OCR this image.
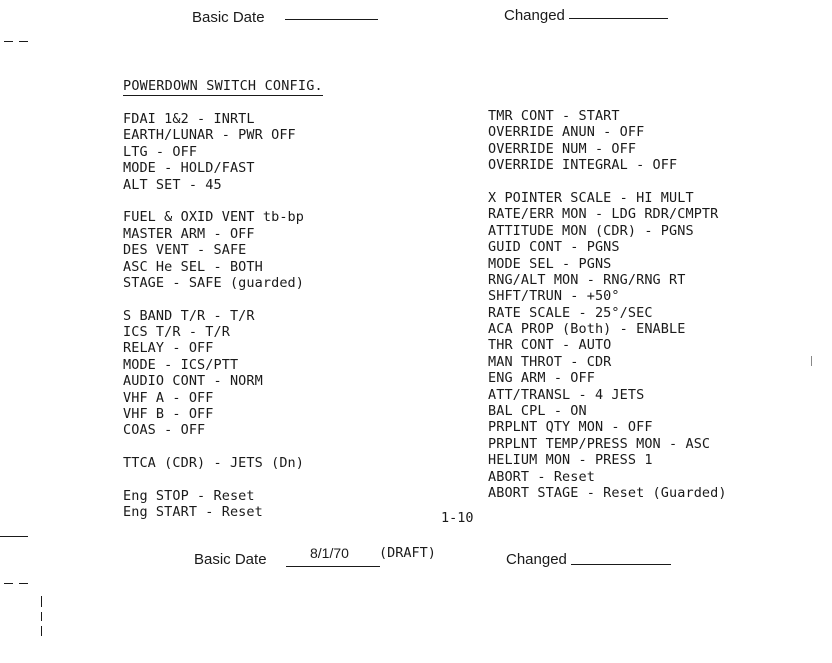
Basic Date	Changed
POWERDOWN SWITCH CONFIG.
FDAI 1&2 - INRTL
EARTH/LUNAR - PWR OFF
LTG - OFF
MODE - HOLD/FAST
ALT SET - 45
FUEL & OXID VENT tb-bp
MASTER ARM - OFF
DES VENT - SAFE
ASC He SEL - BOTH
STAGE - SAFE (guarded)
S BAND T/R - T/R
ICS T/R - T/R
RELAY - OFF
MODE - ICS/PTT
AUDIO CONT - NORM
VHF A - OFF
VHF B - OFF
COAS - OFF
TTCA (CDR) - JETS (Dn)
Eng STOP - Reset
Eng START - Reset
TMR CONT - START
OVERRIDE ANUN - OFF
OVERRIDE NUM - OFF
OVERRIDE INTEGRAL - OFF
X POINTER SCALE - HI MULT
RATE/ERR MON - LDG RDR/CMPTR
ATTITUDE MON (CDR) - PGNS
GUID CONT - PGNS
MODE SEL - PGNS
RNG/ALT MON - RNG/RNG RT
SHFT/TRUN - +50°
RATE SCALE - 25°/SEC
ACA PROP (Both) - ENABLE
THR CONT - AUTO
MAN THROT - CDR
ENG ARM - OFF
ATT/TRANSL - 4 JETS
BAL CPL - ON
PRPLNT QTY MON - OFF
PRPLNT TEMP/PRESS MON - ASC
HELIUM MON - PRESS 1
ABORT - Reset
ABORT STAGE - Reset (Guarded)
1-10
Basic Date	8/1/70 (DRAFT)	Changed
